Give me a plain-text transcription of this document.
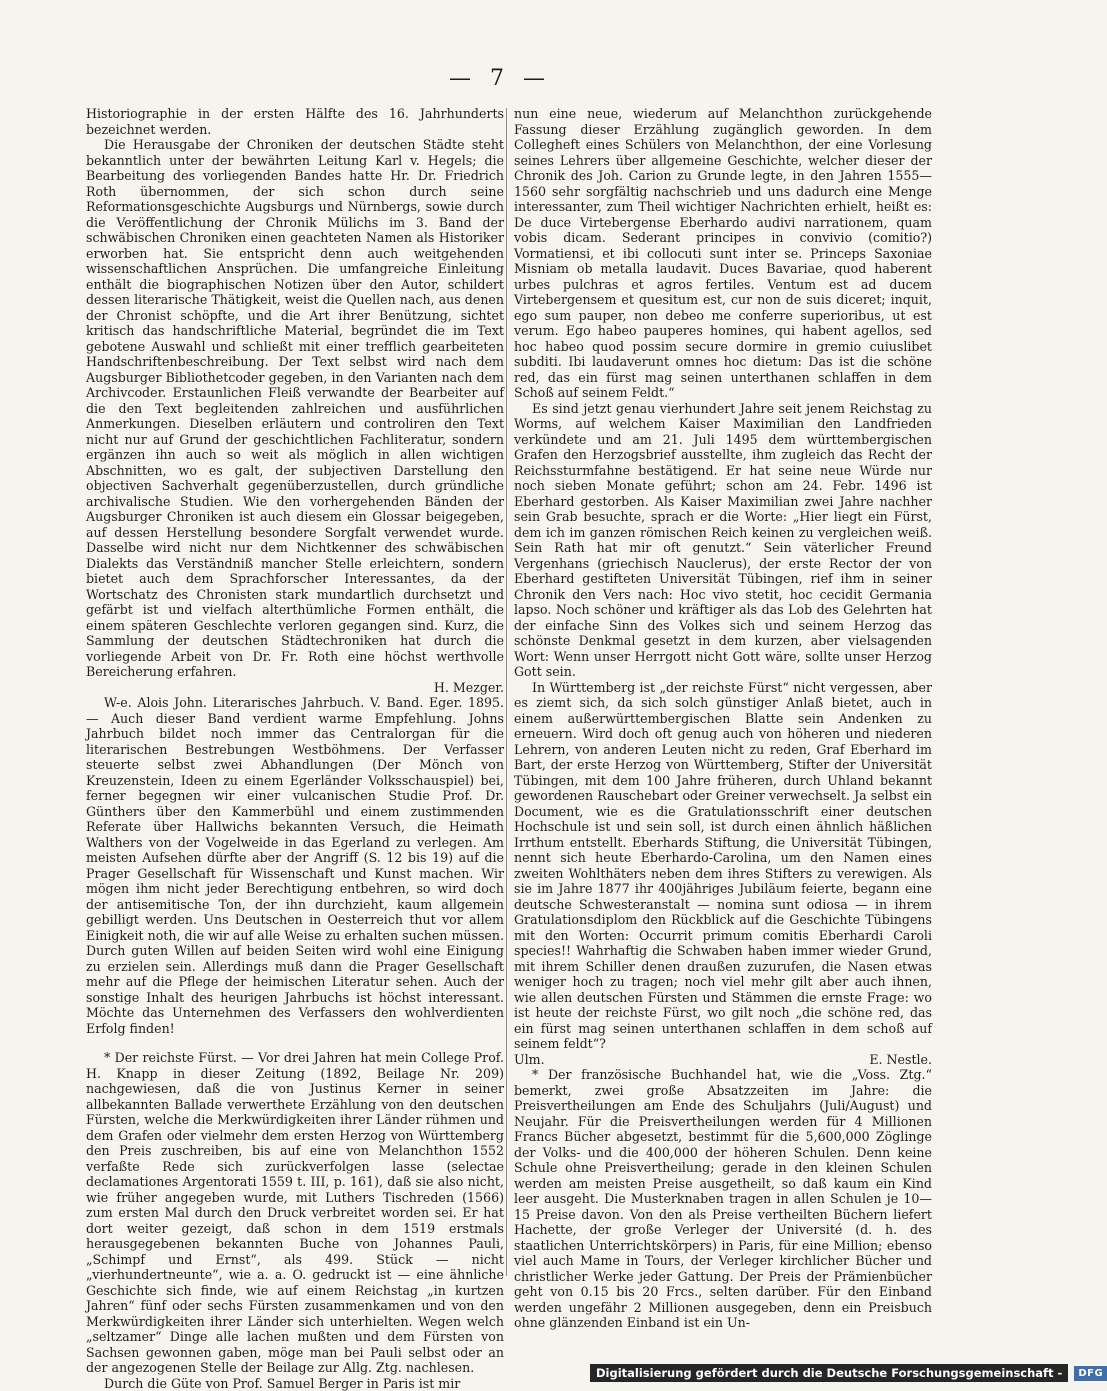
— 7 —

Historiographie in der ersten Hälfte des 16. Jahrhunderts bezeichnet werden.

Die Herausgabe der Chroniken der deutschen Städte steht bekanntlich unter der bewährten Leitung Karl v. Hegels; die Bearbeitung des vorliegenden Bandes hatte Hr. Dr. Friedrich Roth übernommen, der sich schon durch seine Reformationsgeschichte Augsburgs und Nürnbergs, sowie durch die Veröffentlichung der Chronik Mülichs im 3. Band der schwäbischen Chroniken einen geachteten Namen als Historiker erworben hat. Sie entspricht denn auch weitgehenden wissenschaftlichen Ansprüchen. Die umfangreiche Einleitung enthält die biographischen Notizen über den Autor, schildert dessen literarische Thätigkeit, weist die Quellen nach, aus denen der Chronist schöpfte, und die Art ihrer Benützung, sichtet kritisch das handschriftliche Material, begründet die im Text gebotene Auswahl und schließt mit einer trefflich gearbeiteten Handschriftenbeschreibung. Der Text selbst wird nach dem Augsburger Bibliothetcoder gegeben, in den Varianten nach dem Archivcoder. Erstaunlichen Fleiß verwandte der Bearbeiter auf die den Text begleitenden zahlreichen und ausführlichen Anmerkungen. Dieselben erläutern und controliren den Text nicht nur auf Grund der geschichtlichen Fachliteratur, sondern ergänzen ihn auch so weit als möglich in allen wichtigen Abschnitten, wo es galt, der subjectiven Darstellung den objectiven Sachverhalt gegenüberzustellen, durch gründliche archivalische Studien. Wie den vorhergehenden Bänden der Augsburger Chroniken ist auch diesem ein Glossar beigegeben, auf dessen Herstellung besondere Sorgfalt verwendet wurde. Dasselbe wird nicht nur dem Nichtkenner des schwäbischen Dialekts das Verständniß mancher Stelle erleichtern, sondern bietet auch dem Sprachforscher Interessantes, da der Wortschatz des Chronisten stark mundartlich durchsetzt und gefärbt ist und vielfach alterthümliche Formen enthält, die einem späteren Geschlechte verloren gegangen sind. Kurz, die Sammlung der deutschen Städtechroniken hat durch die vorliegende Arbeit von Dr. Fr. Roth eine höchst werthvolle Bereicherung erfahren.

H. Mezger.

W-e. Alois John. Literarisches Jahrbuch. V. Band. Eger. 1895. — Auch dieser Band verdient warme Empfehlung. Johns Jahrbuch bildet noch immer das Centralorgan für die literarischen Bestrebungen Westböhmens. Der Verfasser steuerte selbst zwei Abhandlungen (Der Mönch von Kreuzenstein, Ideen zu einem Egerländer Volksschauspiel) bei, ferner begegnen wir einer vulcanischen Studie Prof. Dr. Günthers über den Kammerbühl und einem zustimmenden Referate über Hallwichs bekannten Versuch, die Heimath Walthers von der Vogelweide in das Egerland zu verlegen. Am meisten Aufsehen dürfte aber der Angriff (S. 12 bis 19) auf die Prager Gesellschaft für Wissenschaft und Kunst machen. Wir mögen ihm nicht jeder Berechtigung entbehren, so wird doch der antisemitische Ton, der ihn durchzieht, kaum allgemein gebilligt werden. Uns Deutschen in Oesterreich thut vor allem Einigkeit noth, die wir auf alle Weise zu erhalten suchen müssen. Durch guten Willen auf beiden Seiten wird wohl eine Einigung zu erzielen sein. Allerdings muß dann die Prager Gesellschaft mehr auf die Pflege der heimischen Literatur sehen. Auch der sonstige Inhalt des heurigen Jahrbuchs ist höchst interessant. Möchte das Unternehmen des Verfassers den wohlverdienten Erfolg finden!

* Der reichste Fürst. — Vor drei Jahren hat mein College Prof. H. Knapp in dieser Zeitung (1892, Beilage Nr. 209) nachgewiesen, daß die von Justinus Kerner in seiner allbekannten Ballade verwerthete Erzählung von den deutschen Fürsten, welche die Merkwürdigkeiten ihrer Länder rühmen und dem Grafen oder vielmehr dem ersten Herzog von Württemberg den Preis zuschreiben, bis auf eine von Melanchthon 1552 verfaßte Rede sich zurückverfolgen lasse (selectae declamationes Argentorati 1559 t. III, p. 161), daß sie also nicht, wie früher angegeben wurde, mit Luthers Tischreden (1566) zum ersten Mal durch den Druck verbreitet worden sei. Er hat dort weiter gezeigt, daß schon in dem 1519 erstmals herausgegebenen bekannten Buche von Johannes Pauli, „Schimpf und Ernst“, als 499. Stück — nicht „vierhundertneunte“, wie a. a. O. gedruckt ist — eine ähnliche Geschichte sich finde, wie auf einem Reichstag „in kurtzen Jahren“ fünf oder sechs Fürsten zusammenkamen und von den Merkwürdigkeiten ihrer Länder sich unterhielten. Wegen welch „seltzamer“ Dinge alle lachen mußten und dem Fürsten von Sachsen gewonnen gaben, möge man bei Pauli selbst oder an der angezogenen Stelle der Beilage zur Allg. Ztg. nachlesen.

Durch die Güte von Prof. Samuel Berger in Paris ist mir

nun eine neue, wiederum auf Melanchthon zurückgehende Fassung dieser Erzählung zugänglich geworden. In dem Collegheft eines Schülers von Melanchthon, der eine Vorlesung seines Lehrers über allgemeine Geschichte, welcher dieser der Chronik des Joh. Carion zu Grunde legte, in den Jahren 1555—1560 sehr sorgfältig nachschrieb und uns dadurch eine Menge interessanter, zum Theil wichtiger Nachrichten erhielt, heißt es: De duce Virtebergense Eberhardo audivi narrationem, quam vobis dicam. Sederant principes in convivio (comitio?) Vormatiensi, et ibi collocuti sunt inter se. Princeps Saxoniae Misniam ob metalla laudavit. Duces Bavariae, quod haberent urbes pulchras et agros fertiles. Ventum est ad ducem Virtebergensem et quesitum est, cur non de suis diceret; inquit, ego sum pauper, non debeo me conferre superioribus, ut est verum. Ego habeo pauperes homines, qui habent agellos, sed hoc habeo quod possim secure dormire in gremio cuiuslibet subditi. Ibi laudaverunt omnes hoc dietum: Das ist die schöne red, das ein fürst mag seinen unterthanen schlaffen in dem Schoß auf seinem Feldt.“

Es sind jetzt genau vierhundert Jahre seit jenem Reichstag zu Worms, auf welchem Kaiser Maximilian den Landfrieden verkündete und am 21. Juli 1495 dem württembergischen Grafen den Herzogsbrief ausstellte, ihm zugleich das Recht der Reichssturmfahne bestätigend. Er hat seine neue Würde nur noch sieben Monate geführt; schon am 24. Febr. 1496 ist Eberhard gestorben. Als Kaiser Maximilian zwei Jahre nachher sein Grab besuchte, sprach er die Worte: „Hier liegt ein Fürst, dem ich im ganzen römischen Reich keinen zu vergleichen weiß. Sein Rath hat mir oft genutzt.“ Sein väterlicher Freund Vergenhans (griechisch Nauclerus), der erste Rector der von Eberhard gestifteten Universität Tübingen, rief ihm in seiner Chronik den Vers nach: Hoc vivo stetit, hoc cecidit Germania lapso. Noch schöner und kräftiger als das Lob des Gelehrten hat der einfache Sinn des Volkes sich und seinem Herzog das schönste Denkmal gesetzt in dem kurzen, aber vielsagenden Wort: Wenn unser Herrgott nicht Gott wäre, sollte unser Herzog Gott sein.

In Württemberg ist „der reichste Fürst“ nicht vergessen, aber es ziemt sich, da sich solch günstiger Anlaß bietet, auch in einem außerwürttembergischen Blatte sein Andenken zu erneuern. Wird doch oft genug auch von höheren und niederen Lehrern, von anderen Leuten nicht zu reden, Graf Eberhard im Bart, der erste Herzog von Württemberg, Stifter der Universität Tübingen, mit dem 100 Jahre früheren, durch Uhland bekannt gewordenen Rauschebart oder Greiner verwechselt. Ja selbst ein Document, wie es die Gratulationsschrift einer deutschen Hochschule ist und sein soll, ist durch einen ähnlich häßlichen Irrthum entstellt. Eberhards Stiftung, die Universität Tübingen, nennt sich heute Eberhardo-Carolina, um den Namen eines zweiten Wohlthäters neben dem ihres Stifters zu verewigen. Als sie im Jahre 1877 ihr 400jähriges Jubiläum feierte, begann eine deutsche Schwesteranstalt — nomina sunt odiosa — in ihrem Gratulationsdiplom den Rückblick auf die Geschichte Tübingens mit den Worten: Occurrit primum comitis Eberhardi Caroli species!! Wahrhaftig die Schwaben haben immer wieder Grund, mit ihrem Schiller denen draußen zuzurufen, die Nasen etwas weniger hoch zu tragen; noch viel mehr gilt aber auch ihnen, wie allen deutschen Fürsten und Stämmen die ernste Frage: wo ist heute der reichste Fürst, wo gilt noch „die schöne red, das ein fürst mag seinen unterthanen schlaffen in dem schoß auf seinem feldt“?

Ulm.	E. Nestle.

* Der französische Buchhandel hat, wie die „Voss. Ztg.“ bemerkt, zwei große Absatzzeiten im Jahre: die Preisvertheilungen am Ende des Schuljahrs (Juli/August) und Neujahr. Für die Preisvertheilungen werden für 4 Millionen Francs Bücher abgesetzt, bestimmt für die 5,600,000 Zöglinge der Volks- und die 400,000 der höheren Schulen. Denn keine Schule ohne Preisvertheilung; gerade in den kleinen Schulen werden am meisten Preise ausgetheilt, so daß kaum ein Kind leer ausgeht. Die Musterknaben tragen in allen Schulen je 10—15 Preise davon. Von den als Preise vertheilten Büchern liefert Hachette, der große Verleger der Université (d. h. des staatlichen Unterrichtskörpers) in Paris, für eine Million; ebenso viel auch Mame in Tours, der Verleger kirchlicher Bücher und christlicher Werke jeder Gattung. Der Preis der Prämienbücher geht von 0.15 bis 20 Frcs., selten darüber. Für den Einband werden ungefähr 2 Millionen ausgegeben, denn ein Preisbuch ohne glänzenden Einband ist ein Un-

Digitalisierung gefördert durch die Deutsche Forschungsgemeinschaft -	DFG
